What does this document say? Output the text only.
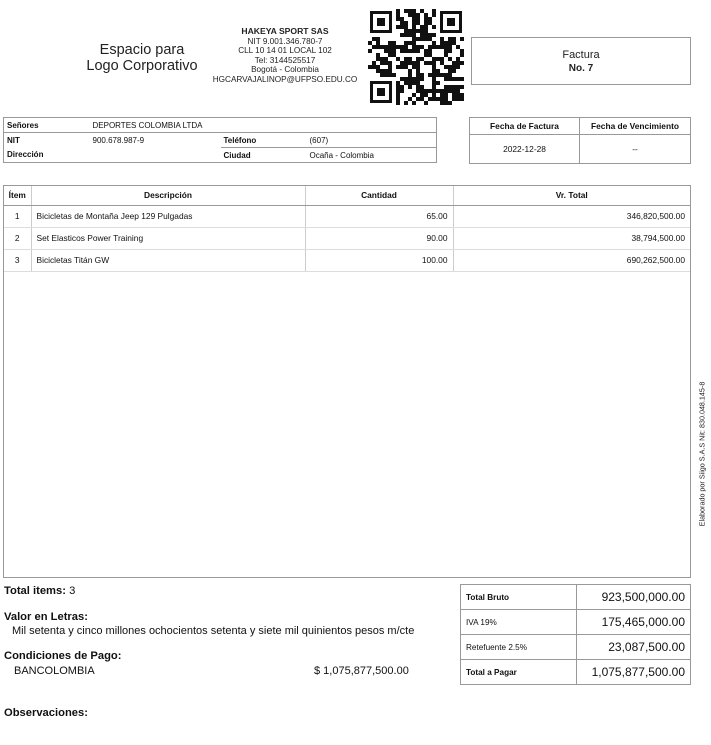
Espacio para
Logo Corporativo
HAKEYA SPORT SAS
NIT 9.001.346.780-7
CLL 10 14 01 LOCAL 102
Tel: 3144525517
Bogotá - Colombia
HGCARVAJALINOP@UFPSO.EDU.CO
Factura
No. 7
Señores	DEPORTES COLOMBIA LTDA		
NIT	900.678.987-9	Teléfono	(607)
Dirección		Ciudad	Ocaña - Colombia
Fecha de Factura	Fecha de Vencimiento
2022-12-28	--
Ítem	Descripción	Cantidad	Vr. Total
1	Bicicletas de Montaña Jeep 129 Pulgadas	65.00	346,820,500.00
2	Set Elasticos Power Training	90.00	38,794,500.00
3	Bicicletas Titán GW	100.00	690,262,500.00
Elaborado por Siigo S.A.S Nit: 830.048.145-8
Total items: 3
Valor en Letras:
Mil setenta y cinco millones ochocientos setenta y siete mil quinientos pesos m/cte
Condiciones de Pago:
BANCOLOMBIA	$ 1,075,877,500.00
Observaciones:
Total Bruto	923,500,000.00
IVA 19%	175,465,000.00
Retefuente 2.5%	23,087,500.00
Total a Pagar	1,075,877,500.00
